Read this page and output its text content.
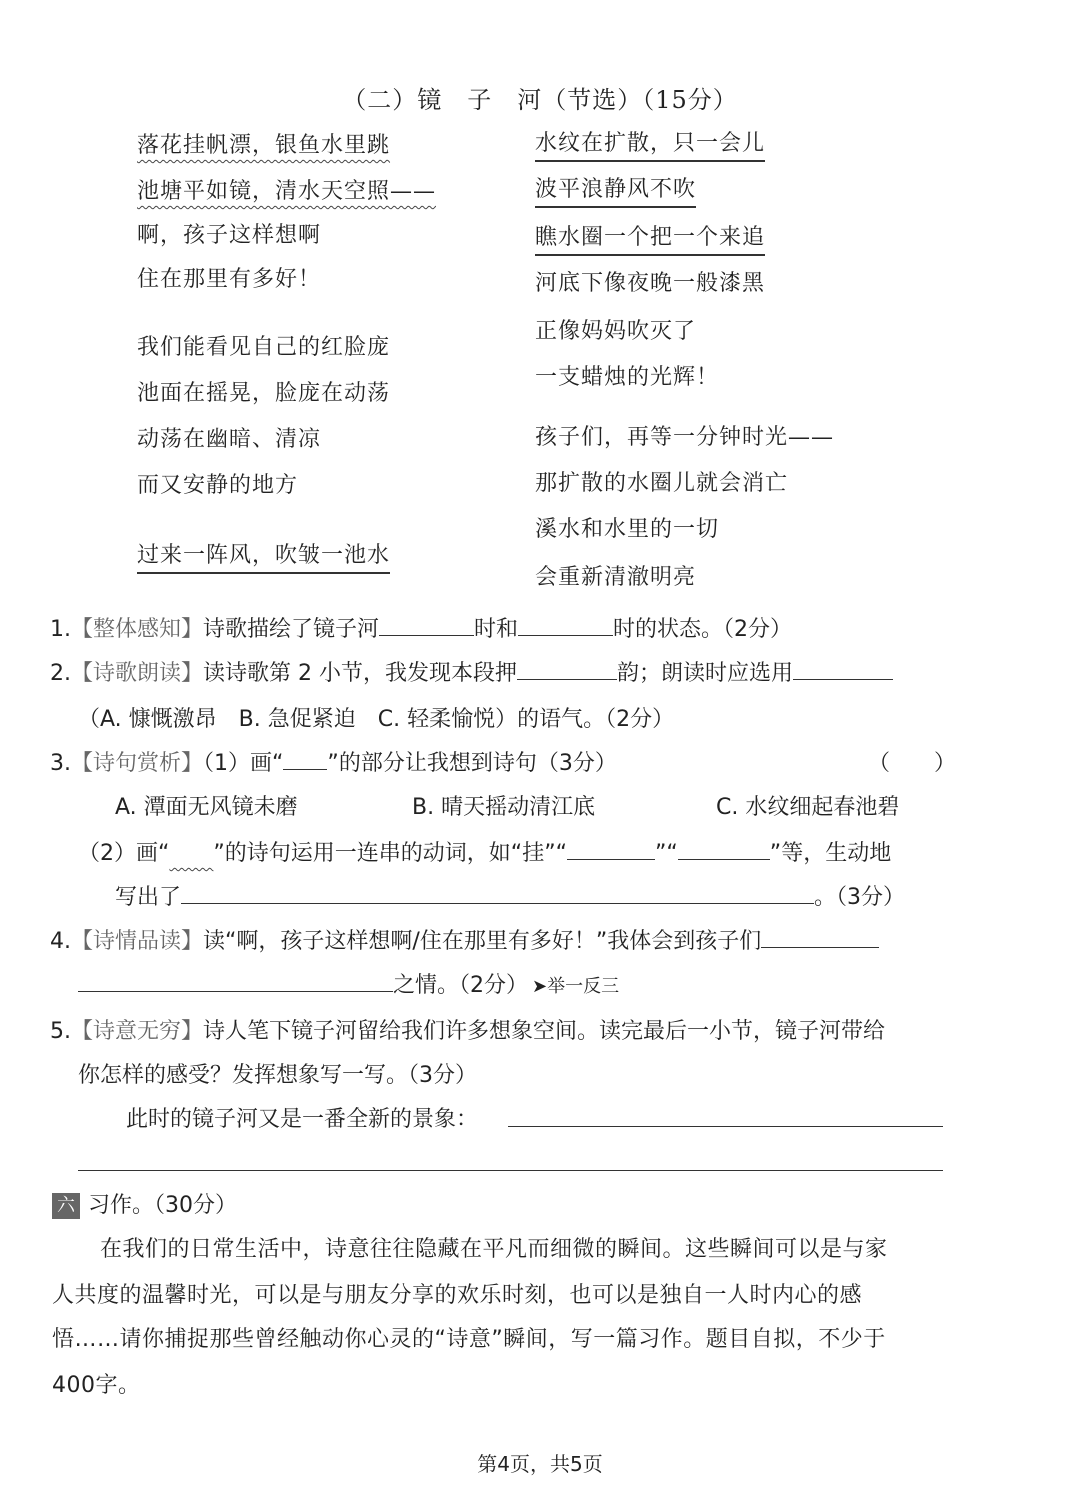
（二）镜　子　河（节选）（15分）
落花挂帆漂，银鱼水里跳
池塘平如镜，清水天空照——
啊，孩子这样想啊
住在那里有多好！
我们能看见自己的红脸庞
池面在摇晃，脸庞在动荡
动荡在幽暗、清凉
而又安静的地方
过来一阵风，吹皱一池水
水纹在扩散，只一会儿
波平浪静风不吹
瞧水圈一个把一个来追
河底下像夜晚一般漆黑
正像妈妈吹灭了
一支蜡烛的光辉！
孩子们，再等一分钟时光——
那扩散的水圈儿就会消亡
溪水和水里的一切
会重新清澈明亮
1.【整体感知】诗歌描绘了镜子河	时和	时的状态。（2分）
2.【诗歌朗读】读诗歌第 2 小节，我发现本段押	韵；朗读时应选用
（A. 慷慨激昂　B. 急促紧迫　C. 轻柔愉悦）的语气。（2分）
3.【诗句赏析】（1）画“ ”的部分让我想到诗句（3分）	（　　）
A. 潭面无风镜未磨	B. 晴天摇动清江底	C. 水纹细起春池碧
（2）画“​　　”的诗句运用一连串的动词，如“挂”“	”“	”等，生动地
写出了	。（3分）
4.【诗情品读】读“啊，孩子这样想啊/住在那里有多好！”我体会到孩子们
之情。（2分） ➤举一反三
5.【诗意无穷】诗人笔下镜子河留给我们许多想象空间。读完最后一小节，镜子河带给
你怎样的感受？发挥想象写一写。（3分）
此时的镜子河又是一番全新的景象：
六 习作。（30分）
在我们的日常生活中，诗意往往隐藏在平凡而细微的瞬间。这些瞬间可以是与家
人共度的温馨时光，可以是与朋友分享的欢乐时刻，也可以是独自一人时内心的感
悟……请你捕捉那些曾经触动你心灵的“诗意”瞬间，写一篇习作。题目自拟，不少于
400字。
第4页，共5页
